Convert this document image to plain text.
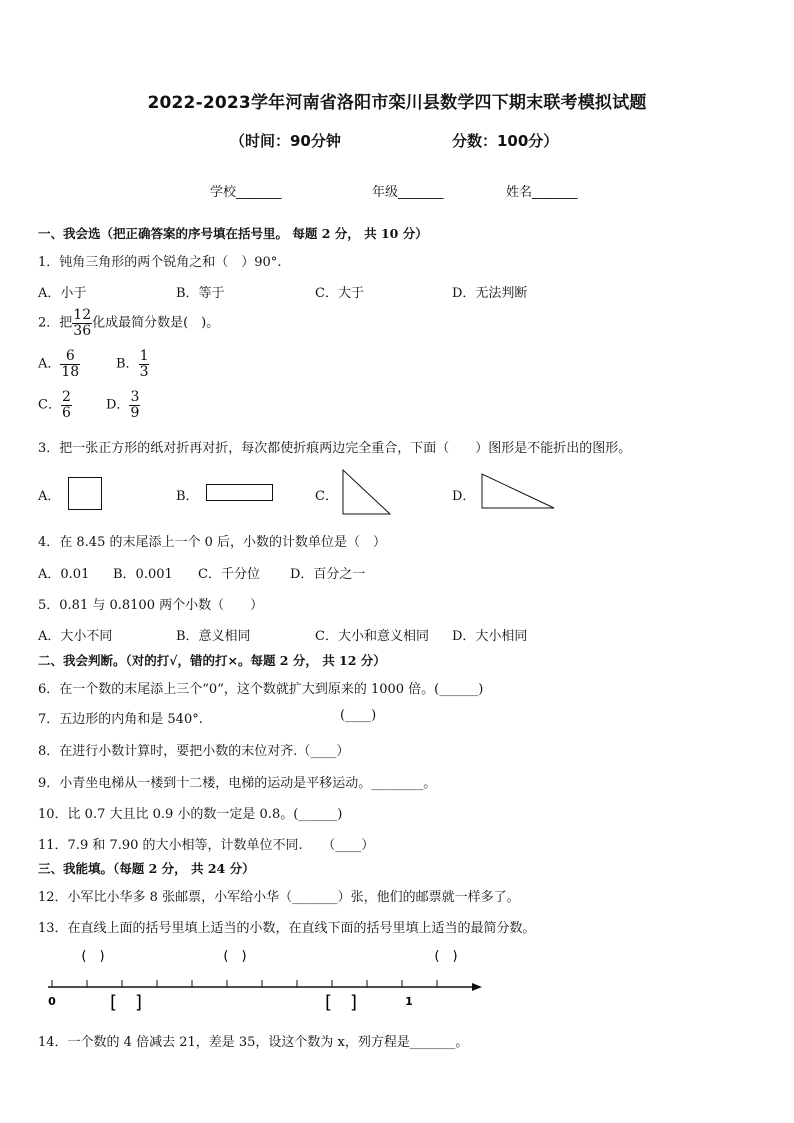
2022-2023学年河南省洛阳市栾川县数学四下期末联考模拟试题
（时间：90分钟	分数：100分）
学校_______	年级_______	姓名_______
一、我会选（把正确答案的序号填在括号里。 每题 2 分， 共 10 分）
1．钝角三角形的两个锐角之和（　）90°.
A．小于	B．等于	C．大于	D．无法判断
2．把 $\frac{12}{36}$ 化成最简分数是(　)。
A． $\frac{6}{18}$	B． $\frac{1}{3}$
C． $\frac{2}{6}$	D． $\frac{3}{9}$
3．把一张正方形的纸对折再对折，每次都使折痕两边完全重合，下面（　　）图形是不能折出的图形。
A．	B．	C．	D．
4．在 8.45 的末尾添上一个 0 后，小数的计数单位是（　）
A．0.01 B．0.001 C．千分位 D．百分之一
5．0.81 与 0.8100 两个小数（　　）
A．大小不同	B．意义相同	C．大小和意义相同 D．大小相同
二、我会判断。（对的打√，错的打×。每题 2 分， 共 12 分）
6．在一个数的末尾添上三个“0”，这个数就扩大到原来的 1000 倍。(______)
7．五边形的内角和是 540°.	(____)
8．在进行小数计算时，要把小数的末位对齐.（____）
9．小青坐电梯从一楼到十二楼，电梯的运动是平移运动。________。
10．比 0.7 大且比 0.9 小的数一定是 0.8。(______)
11．7.9 和 7.90 的大小相等，计数单位不同.　　（____）
三、我能填。（每题 2 分， 共 24 分）
12．小军比小华多 8 张邮票，小军给小华（_______）张，他们的邮票就一样多了。
13．在直线上面的括号里填上适当的小数，在直线下面的括号里填上适当的最简分数。
0	1
(　)	(　)	(　)
[　]	[　]
14．一个数的 4 倍减去 21，差是 35，设这个数为 x，列方程是_______。
